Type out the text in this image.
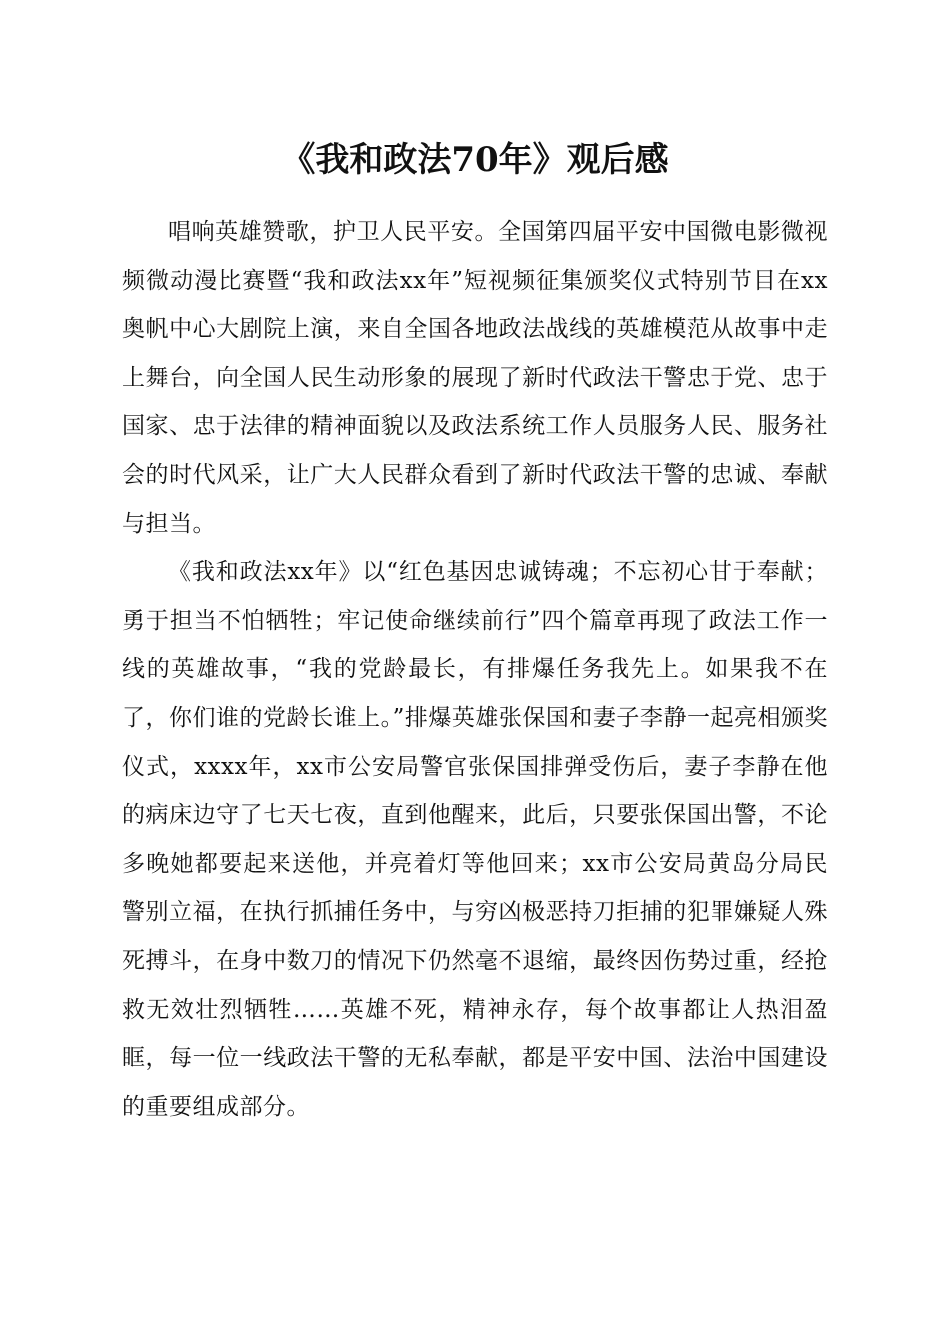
《我和政法70年》观后感

唱响英雄赞歌，护卫人民平安。全国第四届平安中国微电影微视频微动漫比赛暨“我和政法xx年”短视频征集颁奖仪式特别节目在xx奥帆中心大剧院上演，来自全国各地政法战线的英雄模范从故事中走上舞台，向全国人民生动形象的展现了新时代政法干警忠于党、忠于国家、忠于法律的精神面貌以及政法系统工作人员服务人民、服务社会的时代风采，让广大人民群众看到了新时代政法干警的忠诚、奉献与担当。

《我和政法xx年》以“红色基因忠诚铸魂；不忘初心甘于奉献；勇于担当不怕牺牲；牢记使命继续前行”四个篇章再现了政法工作一线的英雄故事，“我的党龄最长，有排爆任务我先上。如果我不在了，你们谁的党龄长谁上。”排爆英雄张保国和妻子李静一起亮相颁奖仪式，xxxx年，xx市公安局警官张保国排弹受伤后，妻子李静在他的病床边守了七天七夜，直到他醒来，此后，只要张保国出警，不论多晚她都要起来送他，并亮着灯等他回来；xx市公安局黄岛分局民警别立福，在执行抓捕任务中，与穷凶极恶持刀拒捕的犯罪嫌疑人殊死搏斗，在身中数刀的情况下仍然毫不退缩，最终因伤势过重，经抢救无效壮烈牺牲……英雄不死，精神永存，每个故事都让人热泪盈眶，每一位一线政法干警的无私奉献，都是平安中国、法治中国建设的重要组成部分。
